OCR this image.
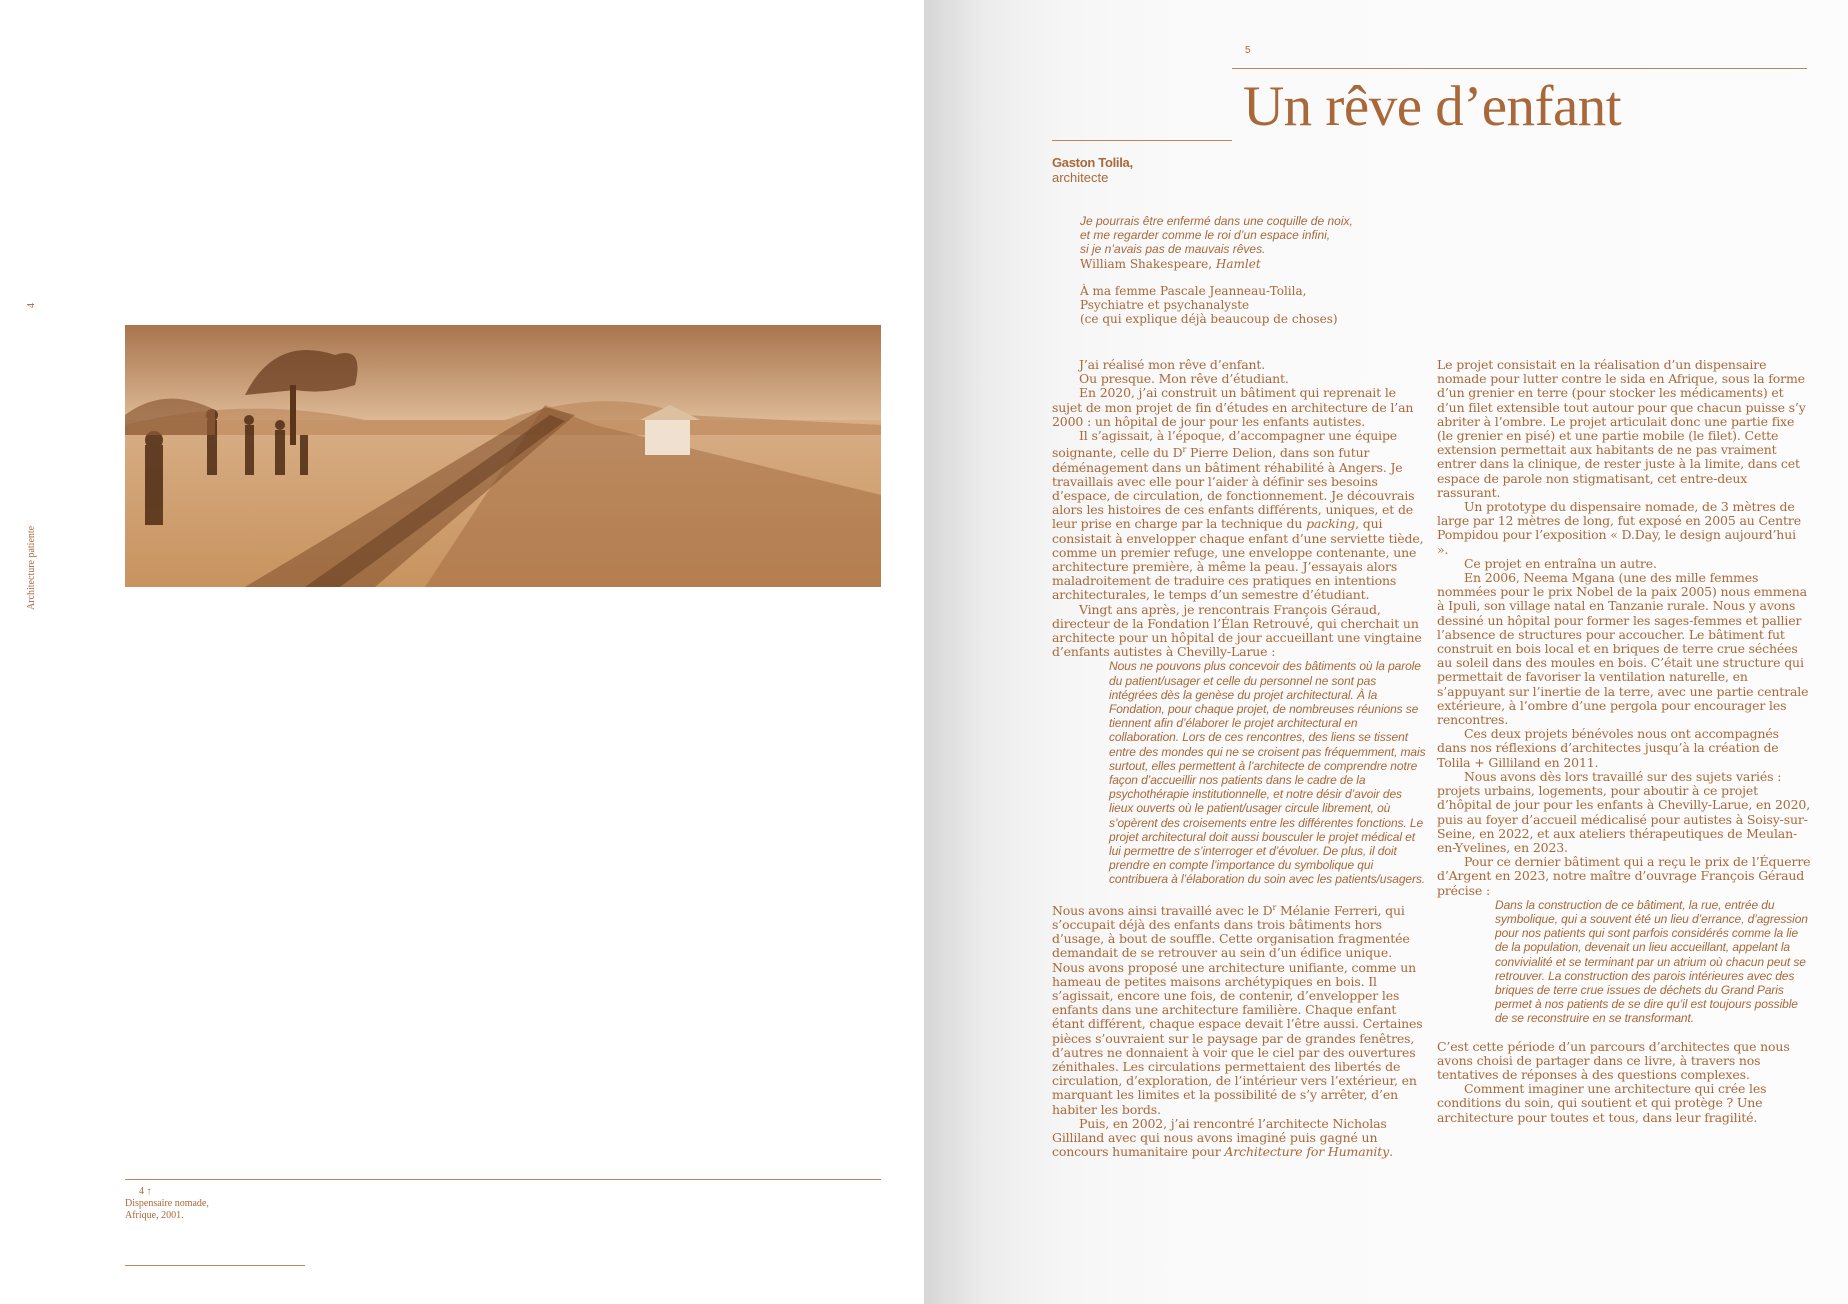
4
Architecture patiente
4 ↑
Dispensaire nomade,
Afrique, 2001.
5
Un rêve d’enfant
Gaston Tolila,
architecte
Je pourrais être enfermé dans une coquille de noix,
et me regarder comme le roi d’un espace infini,
si je n’avais pas de mauvais rêves.
William Shakespeare, Hamlet
À ma femme Pascale Jeanneau-Tolila,
Psychiatre et psychanalyste
(ce qui explique déjà beaucoup de choses)

J’ai réalisé mon rêve d’enfant.

Ou presque. Mon rêve d’étudiant.

En 2020, j’ai construit un bâtiment qui reprenait le sujet de mon projet de fin d’études en architecture de l’an 2000 : un hôpital de jour pour les enfants autistes.

Il s’agissait, à l’époque, d’accompagner une équipe soignante, celle du $D^r$ Pierre Delion, dans son futur déménagement dans un bâtiment réhabilité à Angers. Je travaillais avec elle pour l’aider à définir ses besoins d’espace, de circulation, de fonctionnement. Je découvrais alors les histoires de ces enfants différents, uniques, et de leur prise en charge par la technique du packing, qui consistait à envelopper chaque enfant d’une serviette tiède, comme un premier refuge, une enveloppe contenante, une architecture première, à même la peau. J’essayais alors maladroitement de traduire ces pratiques en intentions architecturales, le temps d’un semestre d’étudiant.

Vingt ans après, je rencontrais François Géraud, directeur de la Fondation l’Élan Retrouvé, qui cherchait un architecte pour un hôpital de jour accueillant une vingtaine d’enfants autistes à Chevilly-Larue :

Nous ne pouvons plus concevoir des bâtiments où la parole du patient/usager et celle du personnel ne sont pas intégrées dès la genèse du projet architectural. À la Fondation, pour chaque projet, de nombreuses réunions se tiennent afin d’élaborer le projet architectural en collaboration. Lors de ces rencontres, des liens se tissent entre des mondes qui ne se croisent pas fréquemment, mais surtout, elles permettent à l’architecte de comprendre notre façon d’accueillir nos patients dans le cadre de la psychothérapie institutionnelle, et notre désir d’avoir des lieux ouverts où le patient/usager circule librement, où s’opèrent des croisements entre les différentes fonctions. Le projet architectural doit aussi bousculer le projet médical et lui permettre de s’interroger et d’évoluer. De plus, il doit prendre en compte l’importance du symbolique qui contribuera à l’élaboration du soin avec les patients/usagers.

Nous avons ainsi travaillé avec le $D^r$ Mélanie Ferreri, qui s’occupait déjà des enfants dans trois bâtiments hors d’usage, à bout de souffle. Cette organisation fragmentée demandait de se retrouver au sein d’un édifice unique. Nous avons proposé une architecture unifiante, comme un hameau de petites maisons archétypiques en bois. Il s’agissait, encore une fois, de contenir, d’envelopper les enfants dans une architecture familière. Chaque enfant étant différent, chaque espace devait l’être aussi. Certaines pièces s’ouvraient sur le paysage par de grandes fenêtres, d’autres ne donnaient à voir que le ciel par des ouvertures zénithales. Les circulations permettaient des libertés de circulation, d’exploration, de l’intérieur vers l’extérieur, en marquant les limites et la possibilité de s’y arrêter, d’en habiter les bords.

Puis, en 2002, j’ai rencontré l’architecte Nicholas Gilliland avec qui nous avons imaginé puis gagné un concours humanitaire pour Architecture for Humanity.

Le projet consistait en la réalisation d’un dispensaire nomade pour lutter contre le sida en Afrique, sous la forme d’un grenier en terre (pour stocker les médicaments) et d’un filet extensible tout autour pour que chacun puisse s’y abriter à l’ombre. Le projet articulait donc une partie fixe (le grenier en pisé) et une partie mobile (le filet). Cette extension permettait aux habitants de ne pas vraiment entrer dans la clinique, de rester juste à la limite, dans cet espace de parole non stigmatisant, cet entre-deux rassurant.

Un prototype du dispensaire nomade, de 3 mètres de large par 12 mètres de long, fut exposé en 2005 au Centre Pompidou pour l’exposition « D.Day, le design aujourd’hui ».

Ce projet en entraîna un autre.

En 2006, Neema Mgana (une des mille femmes nommées pour le prix Nobel de la paix 2005) nous emmena à Ipuli, son village natal en Tanzanie rurale. Nous y avons dessiné un hôpital pour former les sages-femmes et pallier l’absence de structures pour accoucher. Le bâtiment fut construit en bois local et en briques de terre crue séchées au soleil dans des moules en bois. C’était une structure qui permettait de favoriser la ventilation naturelle, en s’appuyant sur l’inertie de la terre, avec une partie centrale extérieure, à l’ombre d’une pergola pour encourager les rencontres.

Ces deux projets bénévoles nous ont accompagnés dans nos réflexions d’architectes jusqu’à la création de Tolila + Gilliland en 2011.

Nous avons dès lors travaillé sur des sujets variés : projets urbains, logements, pour aboutir à ce projet d’hôpital de jour pour les enfants à Chevilly-Larue, en 2020, puis au foyer d’accueil médicalisé pour autistes à Soisy-sur-Seine, en 2022, et aux ateliers thérapeutiques de Meulan-en-Yvelines, en 2023.

Pour ce dernier bâtiment qui a reçu le prix de l’Équerre d’Argent en 2023, notre maître d’ouvrage François Géraud précise :

Dans la construction de ce bâtiment, la rue, entrée du symbolique, qui a souvent été un lieu d’errance, d’agression pour nos patients qui sont parfois considérés comme la lie de la population, devenait un lieu accueillant, appelant la convivialité et se terminant par un atrium où chacun peut se retrouver. La construction des parois intérieures avec des briques de terre crue issues de déchets du Grand Paris permet à nos patients de se dire qu’il est toujours possible de se reconstruire en se transformant.

C’est cette période d’un parcours d’architectes que nous avons choisi de partager dans ce livre, à travers nos tentatives de réponses à des questions complexes.

Comment imaginer une architecture qui crée les conditions du soin, qui soutient et qui protège ? Une architecture pour toutes et tous, dans leur fragilité.
